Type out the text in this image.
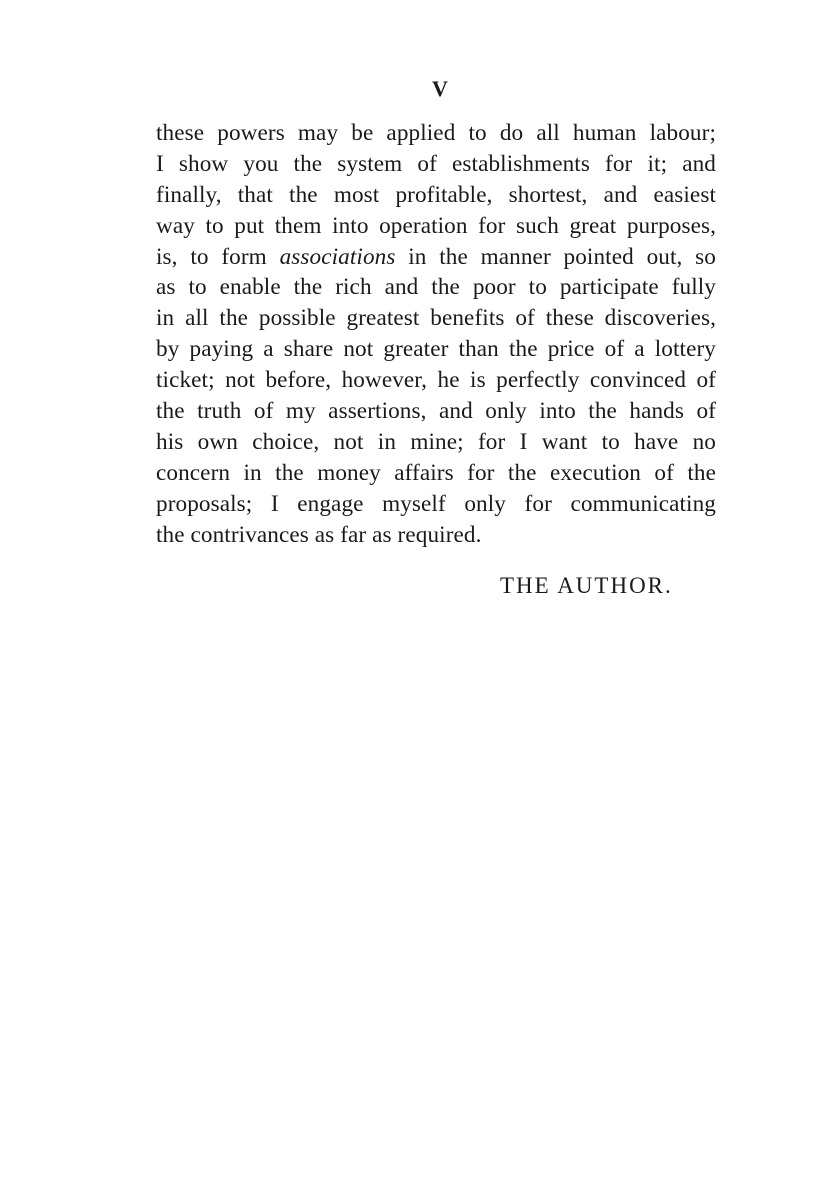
V
these powers may be applied to do all human labour;
I show you the system of establishments for it; and
finally, that the most profitable, shortest, and easiest
way to put them into operation for such great purposes,
is, to form associations in the manner pointed out, so
as to enable the rich and the poor to participate fully
in all the possible greatest benefits of these discoveries,
by paying a share not greater than the price of a lottery
ticket; not before, however, he is perfectly convinced of
the truth of my assertions, and only into the hands of
his own choice, not in mine; for I want to have no
concern in the money affairs for the execution of the
proposals; I engage myself only for communicating
the contrivances as far as required.
THE AUTHOR.
